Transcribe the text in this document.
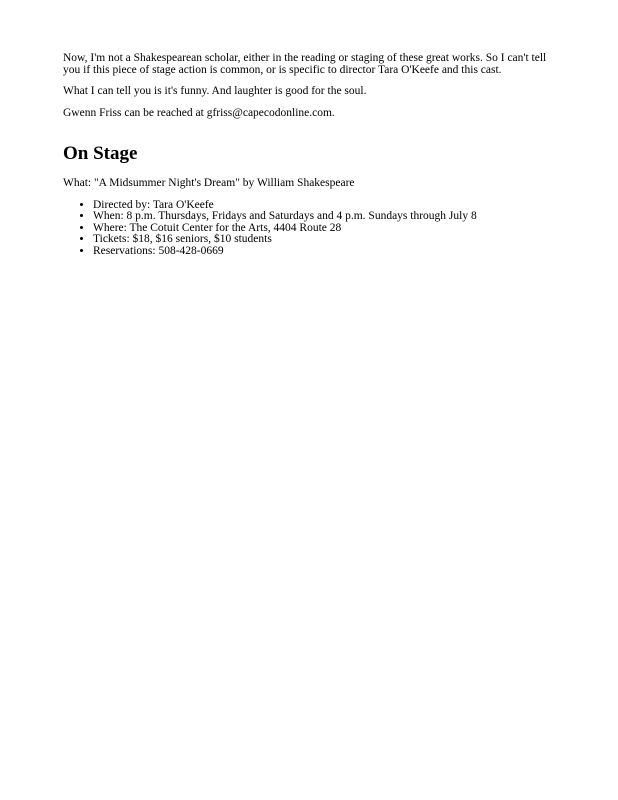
Now, I'm not a Shakespearean scholar, either in the reading or staging of these great works. So I can't tell you if this piece of stage action is common, or is specific to director Tara O'Keefe and this cast.

What I can tell you is it's funny. And laughter is good for the soul.

Gwenn Friss can be reached at gfriss@capecodonline.com.

On Stage

What: "A Midsummer Night's Dream" by William Shakespeare

• Directed by: Tara O'Keefe
• When: 8 p.m. Thursdays, Fridays and Saturdays and 4 p.m. Sundays through July 8
• Where: The Cotuit Center for the Arts, 4404 Route 28
• Tickets: $18, $16 seniors, $10 students
• Reservations: 508-428-0669
